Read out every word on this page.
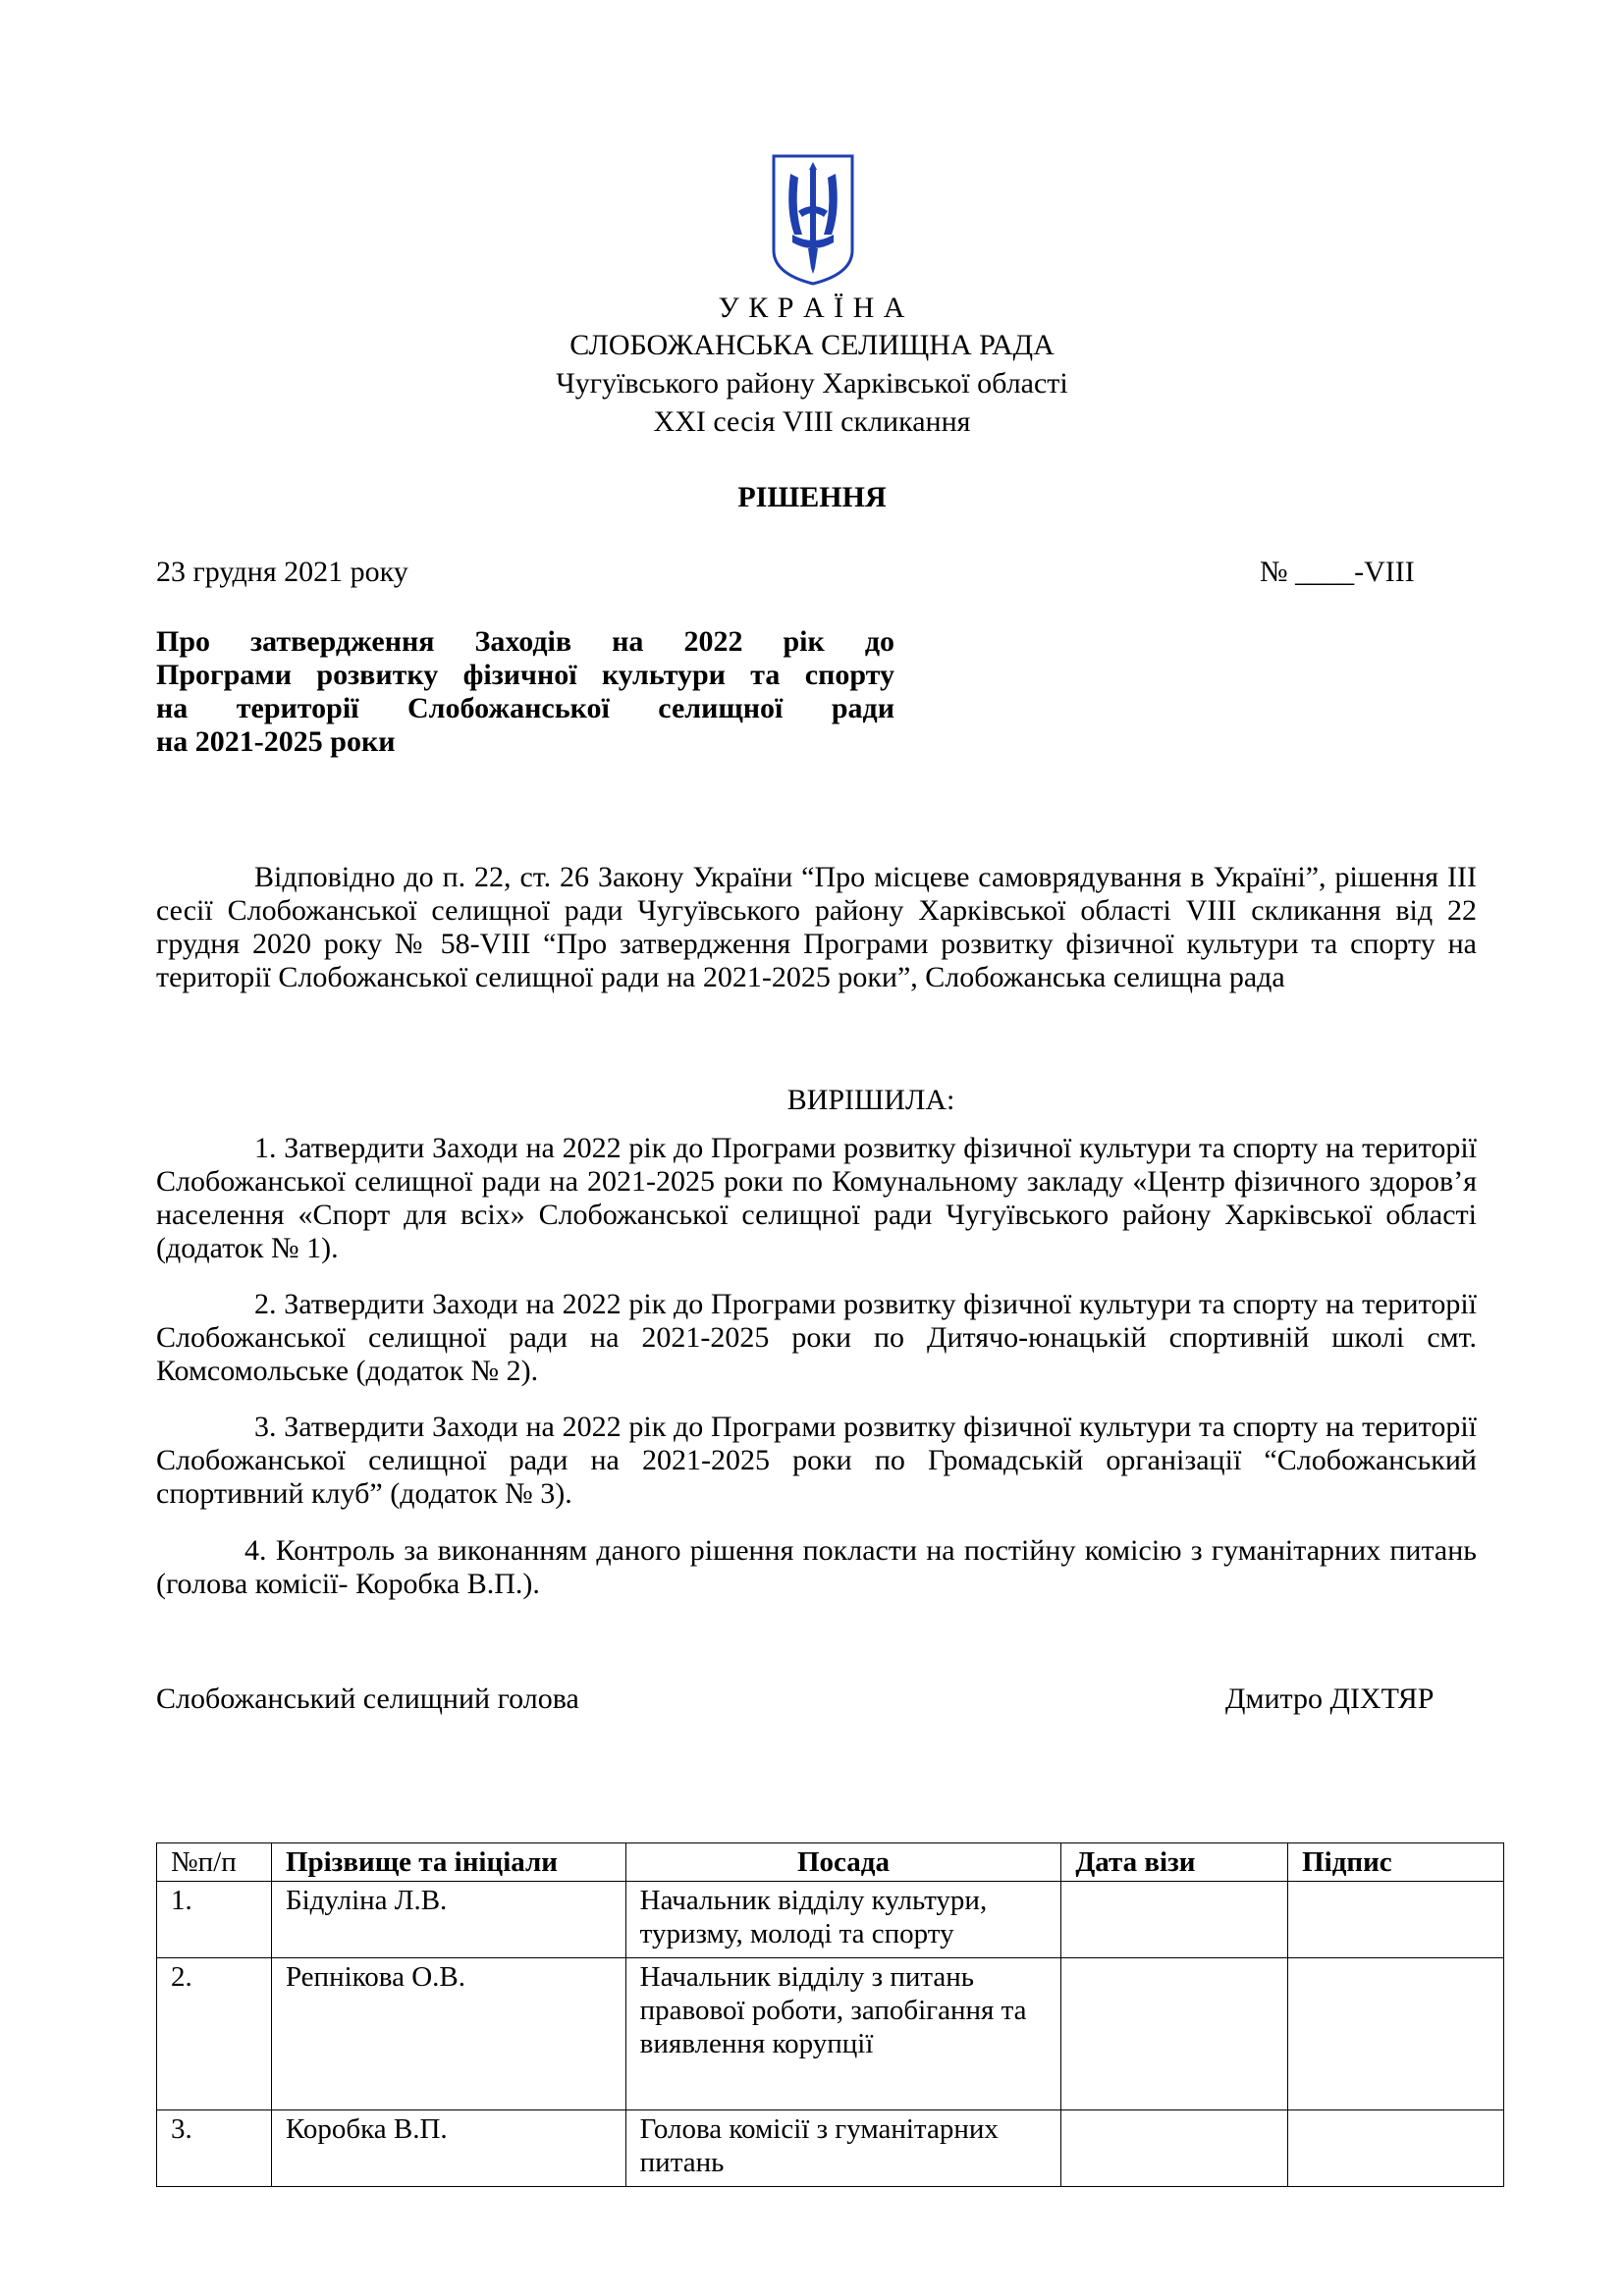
У К Р А Ї Н А
СЛОБОЖАНСЬКА СЕЛИЩНА РАДА
Чугуївського району Харківської області
XXI сесія VIII скликання
РІШЕННЯ
23 грудня 2021 року	№ ____-VIII
Про затвердження Заходів на 2022 рік до
Програми розвитку фізичної культури та спорту
на території Слобожанської селищної ради
на 2021-2025 роки
Відповідно до п. 22, ст. 26 Закону України “Про місцеве самоврядування в Україні”, рішення ІІІ сесії Слобожанської селищної ради Чугуївського району Харківської області VIII скликання від 22 грудня 2020 року № 58-VIII “Про затвердження Програми розвитку фізичної культури та спорту на території Слобожанської селищної ради на 2021-2025 роки”, Слобожанська селищна рада
ВИРІШИЛА:
1. Затвердити Заходи на 2022 рік до Програми розвитку фізичної культури та спорту на території Слобожанської селищної ради на 2021-2025 роки по Комунальному закладу «Центр фізичного здоров’я населення «Спорт для всіх» Слобожанської селищної ради Чугуївського району Харківської області (додаток № 1).
2. Затвердити Заходи на 2022 рік до Програми розвитку фізичної культури та спорту на території Слобожанської селищної ради на 2021-2025 роки по Дитячо-юнацькій спортивній школі смт. Комсомольське (додаток № 2).
3. Затвердити Заходи на 2022 рік до Програми розвитку фізичної культури та спорту на території Слобожанської селищної ради на 2021-2025 роки по Громадській організації “Слобожанський спортивний клуб” (додаток № 3).
4. Контроль за виконанням даного рішення покласти на постійну комісію з гуманітарних питань (голова комісії- Коробка В.П.).
Слобожанський селищний голова	Дмитро ДІХТЯР
№п/п	Прізвище та ініціали	Посада	Дата візи	Підпис
1.	Бідуліна Л.В.	Начальник відділу культури, туризму, молоді та спорту		
2.	Репнікова О.В.	Начальник відділу з питань правової роботи, запобігання та виявлення корупції		
3.	Коробка В.П.	Голова комісії з гуманітарних питань		
